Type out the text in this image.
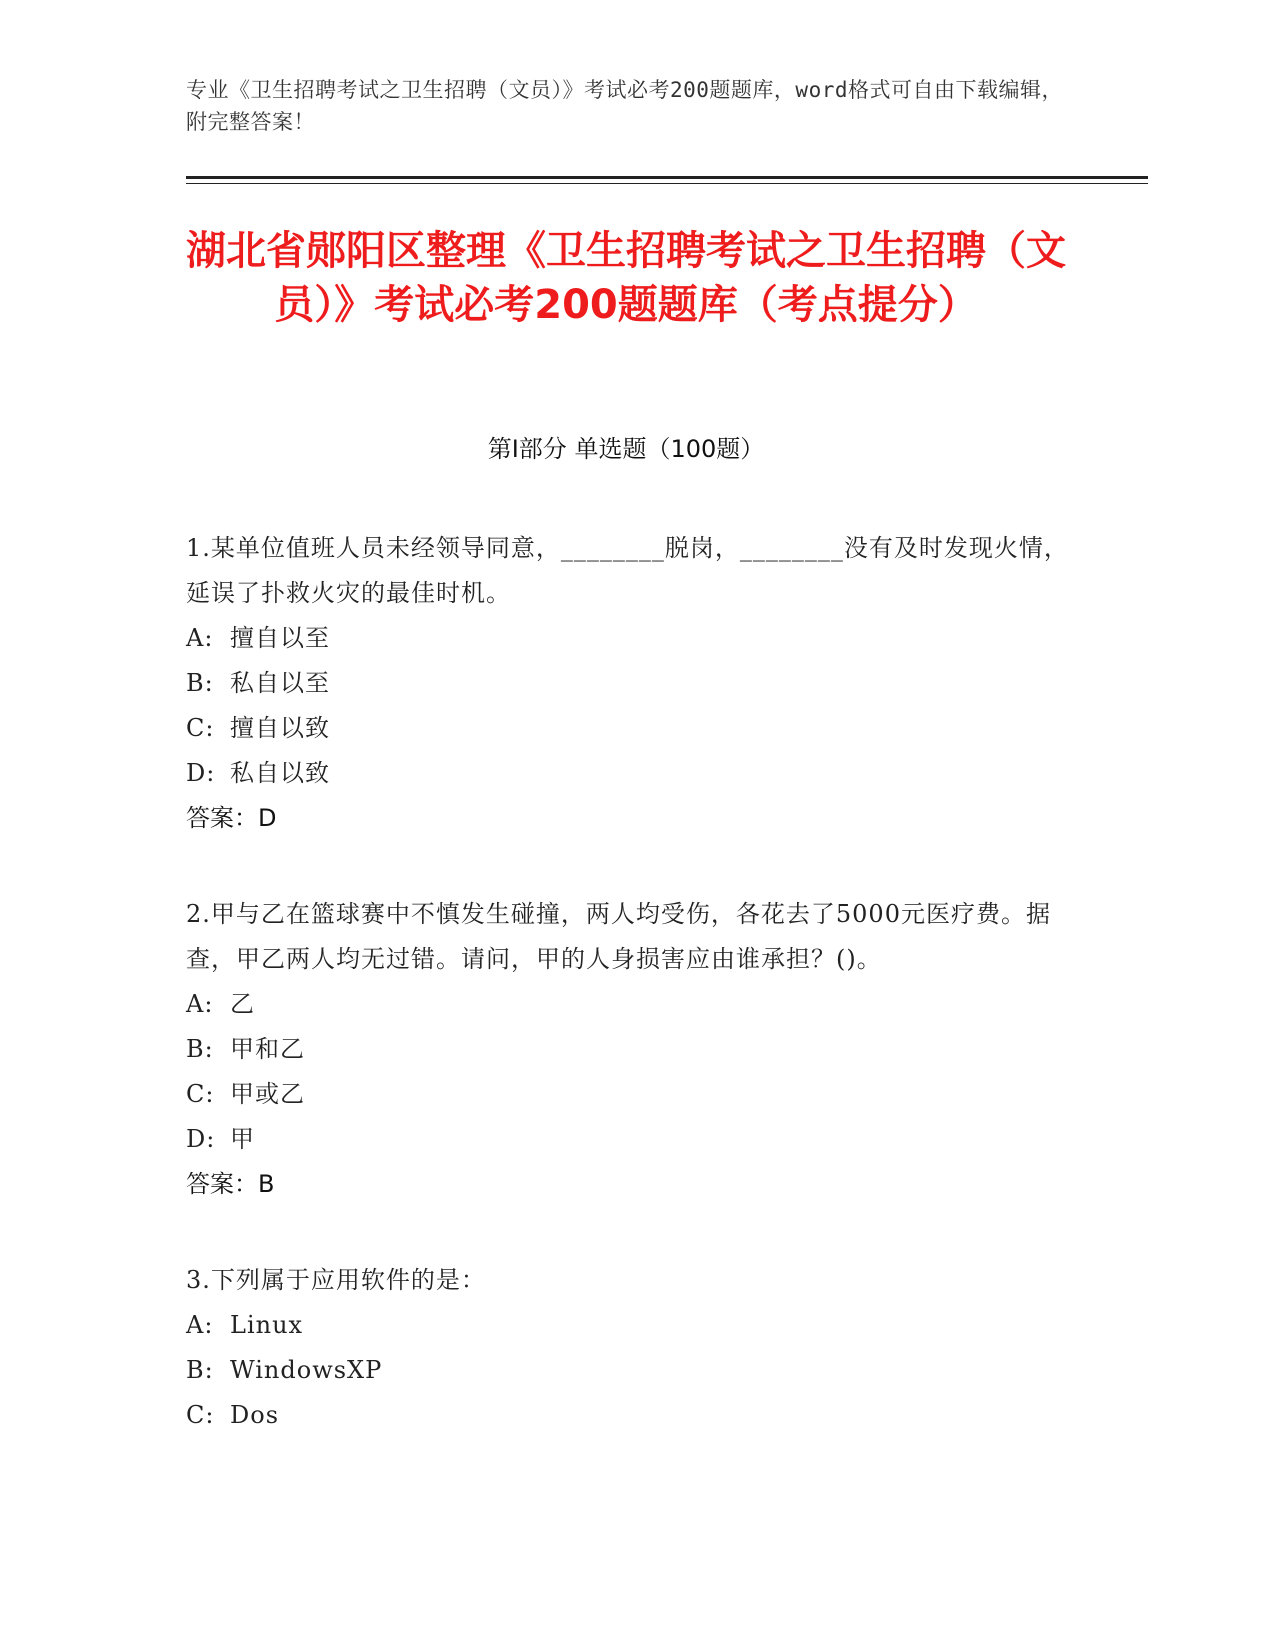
专业《卫生招聘考试之卫生招聘（文员）》考试必考200题题库，word格式可自由下载编辑，附完整答案！
湖北省郧阳区整理《卫生招聘考试之卫生招聘（文员）》考试必考200题题库（考点提分）
第Ⅰ部分 单选题（100题）
1.某单位值班人员未经领导同意，________脱岗，________没有及时发现火情，延误了扑救火灾的最佳时机。
A: 擅自以至
B: 私自以至
C: 擅自以致
D: 私自以致
答案：D
2.甲与乙在篮球赛中不慎发生碰撞，两人均受伤，各花去了5000元医疗费。据查，甲乙两人均无过错。请问，甲的人身损害应由谁承担？()。
A: 乙
B: 甲和乙
C: 甲或乙
D: 甲
答案：B
3.下列属于应用软件的是：
A: Linux
B: WindowsXP
C: Dos
